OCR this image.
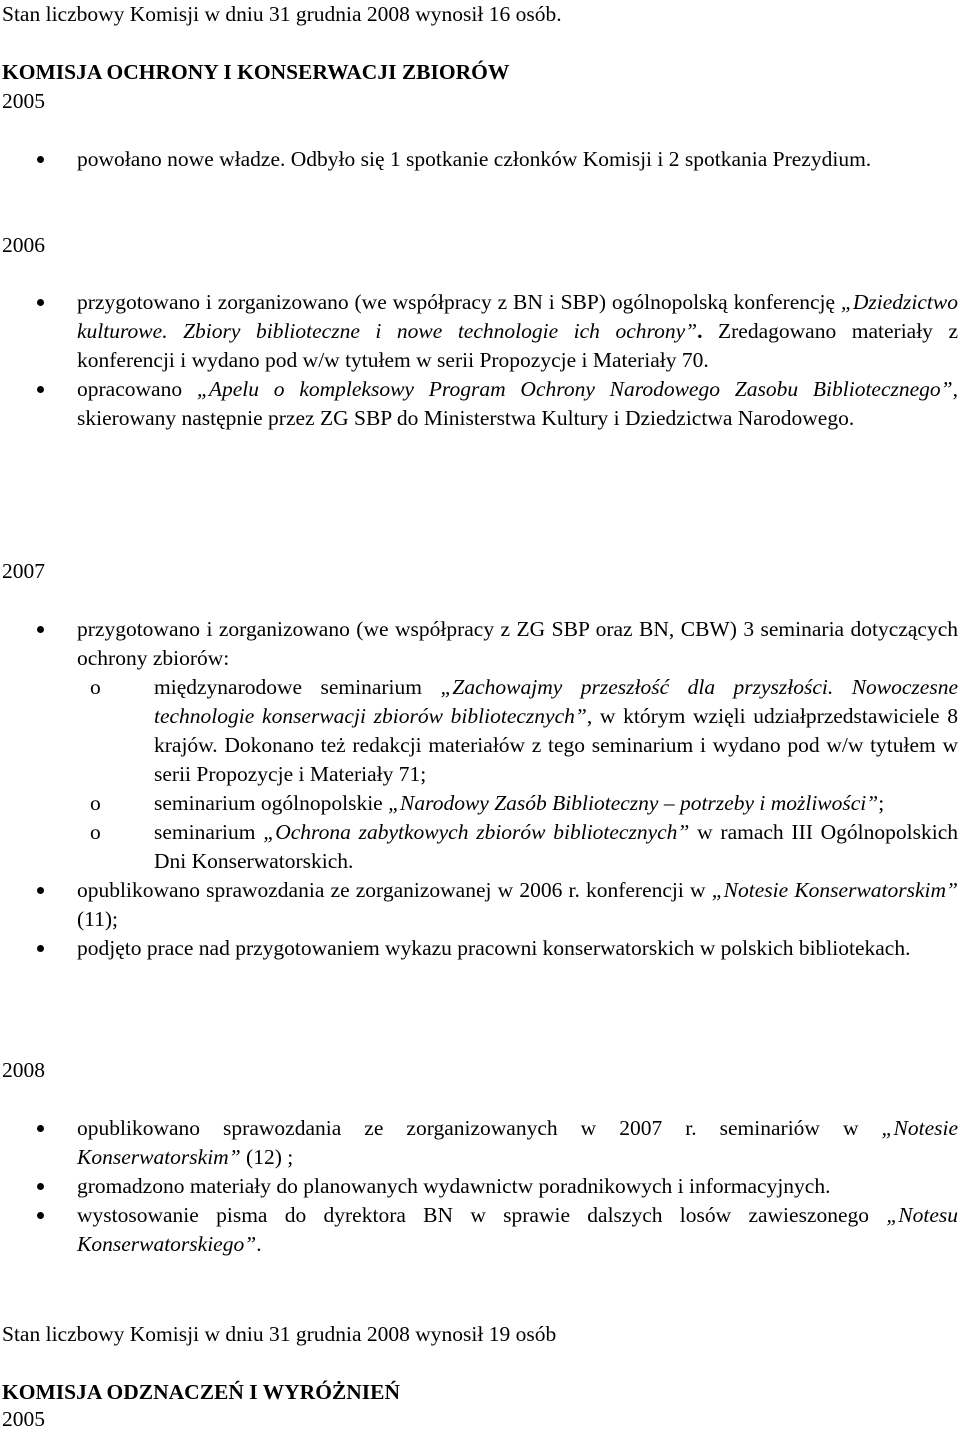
Stan liczbowy Komisji w dniu 31 grudnia 2008 wynosił 16 osób.
KOMISJA OCHRONY I KONSERWACJI ZBIORÓW
2005
powołano nowe władze. Odbyło się 1 spotkanie członków Komisji i 2 spotkania Prezydium.
2006
przygotowano i zorganizowano (we współpracy z BN i SBP) ogólnopolską konferencję „Dziedzictwo kulturowe. Zbiory biblioteczne i nowe technologie ich ochrony”. Zredagowano materiały z konferencji i wydano pod w/w tytułem w serii Propozycje i Materiały 70.
opracowano „Apelu o kompleksowy Program Ochrony Narodowego Zasobu Bibliotecznego”, skierowany następnie przez ZG SBP do Ministerstwa Kultury i Dziedzictwa Narodowego.
2007
przygotowano i zorganizowano (we współpracy z ZG SBP oraz BN, CBW) 3 seminaria dotyczących ochrony zbiorów:
o międzynarodowe seminarium „Zachowajmy przeszłość dla przyszłości. Nowoczesne technologie konserwacji zbiorów bibliotecznych”, w którym wzięli udziałprzedstawiciele 8 krajów. Dokonano też redakcji materiałów z tego seminarium i wydano pod w/w tytułem w serii Propozycje i Materiały 71;
o seminarium ogólnopolskie „Narodowy Zasób Biblioteczny – potrzeby i możliwości”;
o seminarium „Ochrona zabytkowych zbiorów bibliotecznych” w ramach III Ogólnopolskich Dni Konserwatorskich.
opublikowano sprawozdania ze zorganizowanej w 2006 r. konferencji w „Notesie Konserwatorskim” (11);
podjęto prace nad przygotowaniem wykazu pracowni konserwatorskich w polskich bibliotekach.
2008
opublikowano sprawozdania ze zorganizowanych w 2007 r. seminariów w „Notesie Konserwatorskim” (12) ;
gromadzono materiały do planowanych wydawnictw poradnikowych i informacyjnych.
wystosowanie pisma do dyrektora BN w sprawie dalszych losów zawieszonego „Notesu Konserwatorskiego”.
Stan liczbowy Komisji w dniu 31 grudnia 2008 wynosił 19 osób
KOMISJA ODZNACZEŃ I WYRÓŻNIEŃ
2005
